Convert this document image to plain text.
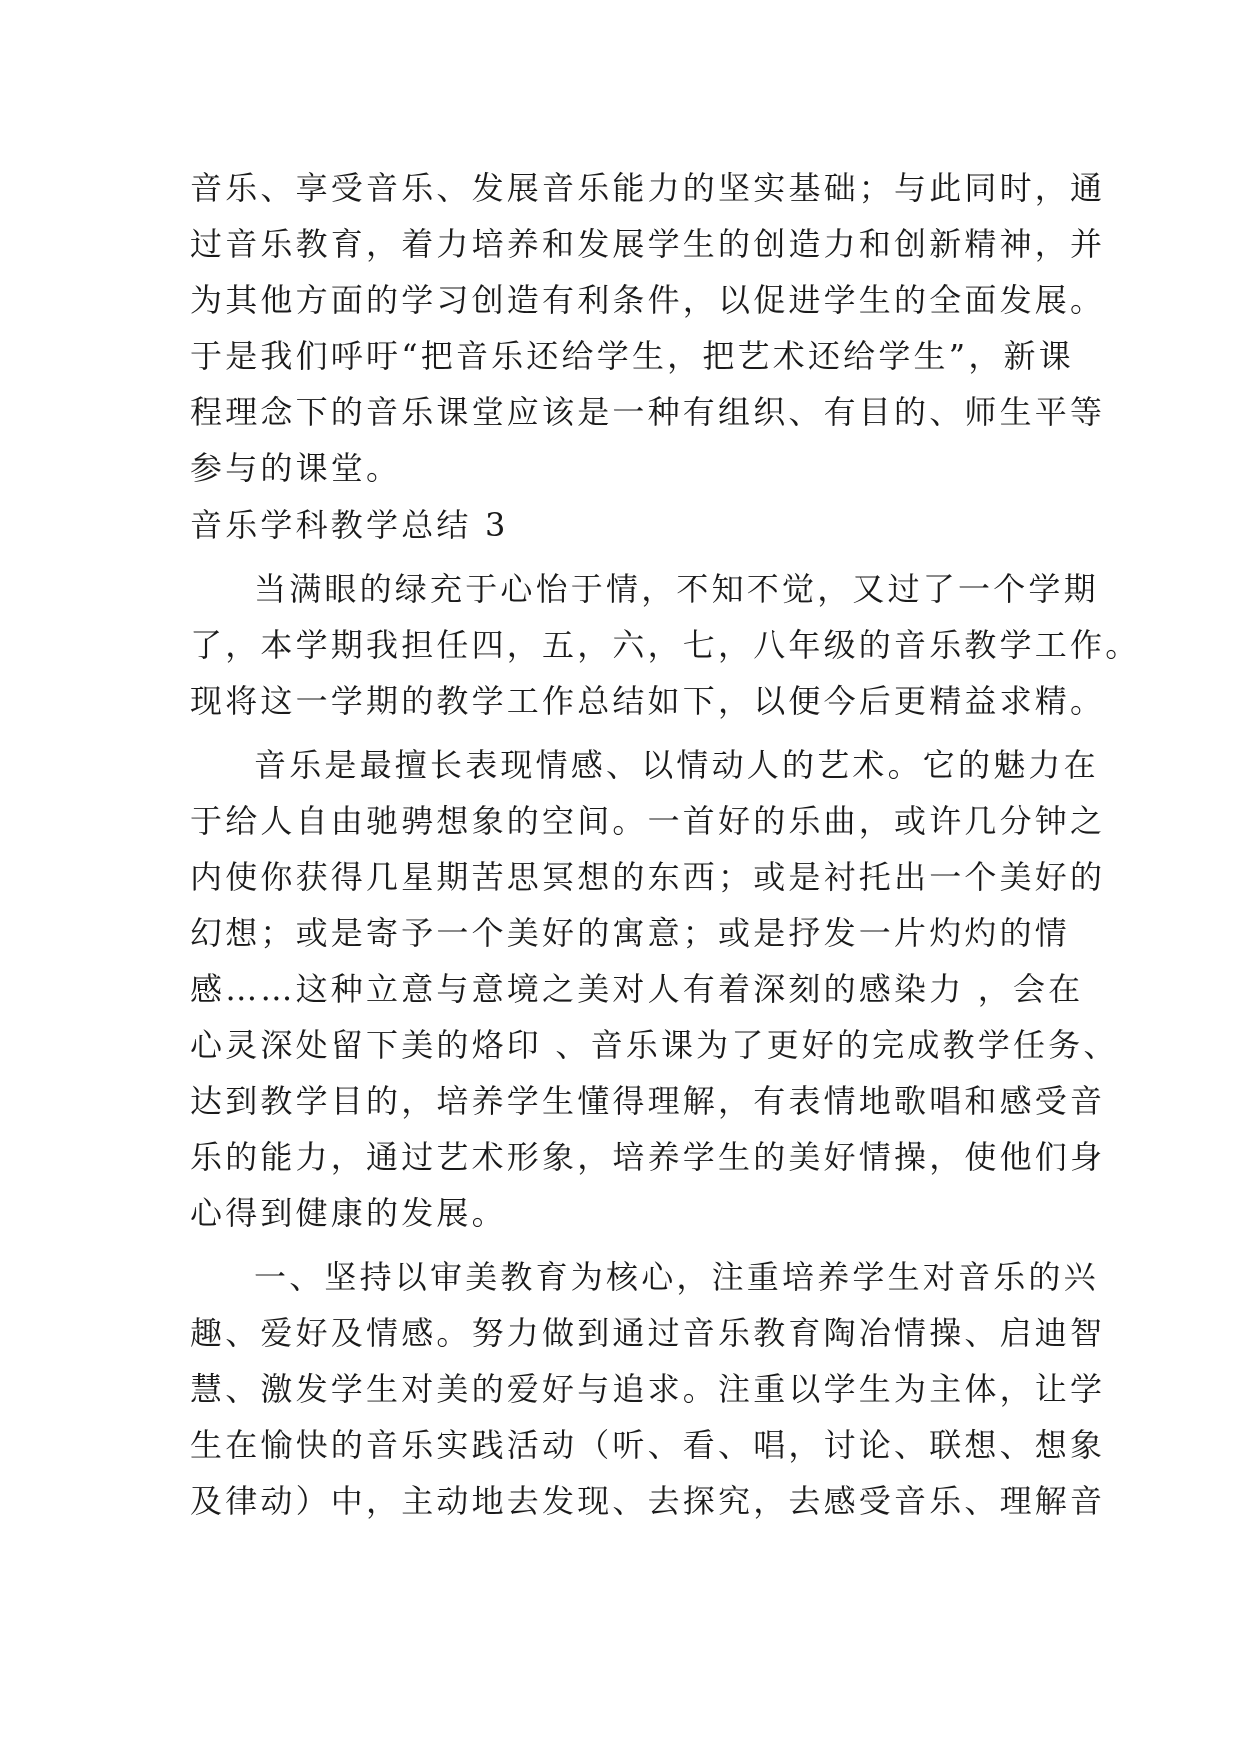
音乐、享受音乐、发展音乐能力的坚实基础；与此同时，通
过音乐教育，着力培养和发展学生的创造力和创新精神，并
为其他方面的学习创造有利条件，以促进学生的全面发展。
于是我们呼吁“把音乐还给学生，把艺术还给学生”，新课
程理念下的音乐课堂应该是一种有组织、有目的、师生平等
参与的课堂。
音乐学科教学总结 3
当满眼的绿充于心怡于情，不知不觉，又过了一个学期
了，本学期我担任四，五，六，七，八年级的音乐教学工作。
现将这一学期的教学工作总结如下，以便今后更精益求精。
音乐是最擅长表现情感、以情动人的艺术。它的魅力在
于给人自由驰骋想象的空间。一首好的乐曲，或许几分钟之
内使你获得几星期苦思冥想的东西；或是衬托出一个美好的
幻想；或是寄予一个美好的寓意；或是抒发一片灼灼的情
感……这种立意与意境之美对人有着深刻的感染力 ，会在
心灵深处留下美的烙印 、音乐课为了更好的完成教学任务、
达到教学目的，培养学生懂得理解，有表情地歌唱和感受音
乐的能力，通过艺术形象，培养学生的美好情操，使他们身
心得到健康的发展。
一、坚持以审美教育为核心，注重培养学生对音乐的兴
趣、爱好及情感。努力做到通过音乐教育陶冶情操、启迪智
慧、激发学生对美的爱好与追求。注重以学生为主体，让学
生在愉快的音乐实践活动（听、看、唱，讨论、联想、想象
及律动）中，主动地去发现、去探究，去感受音乐、理解音
